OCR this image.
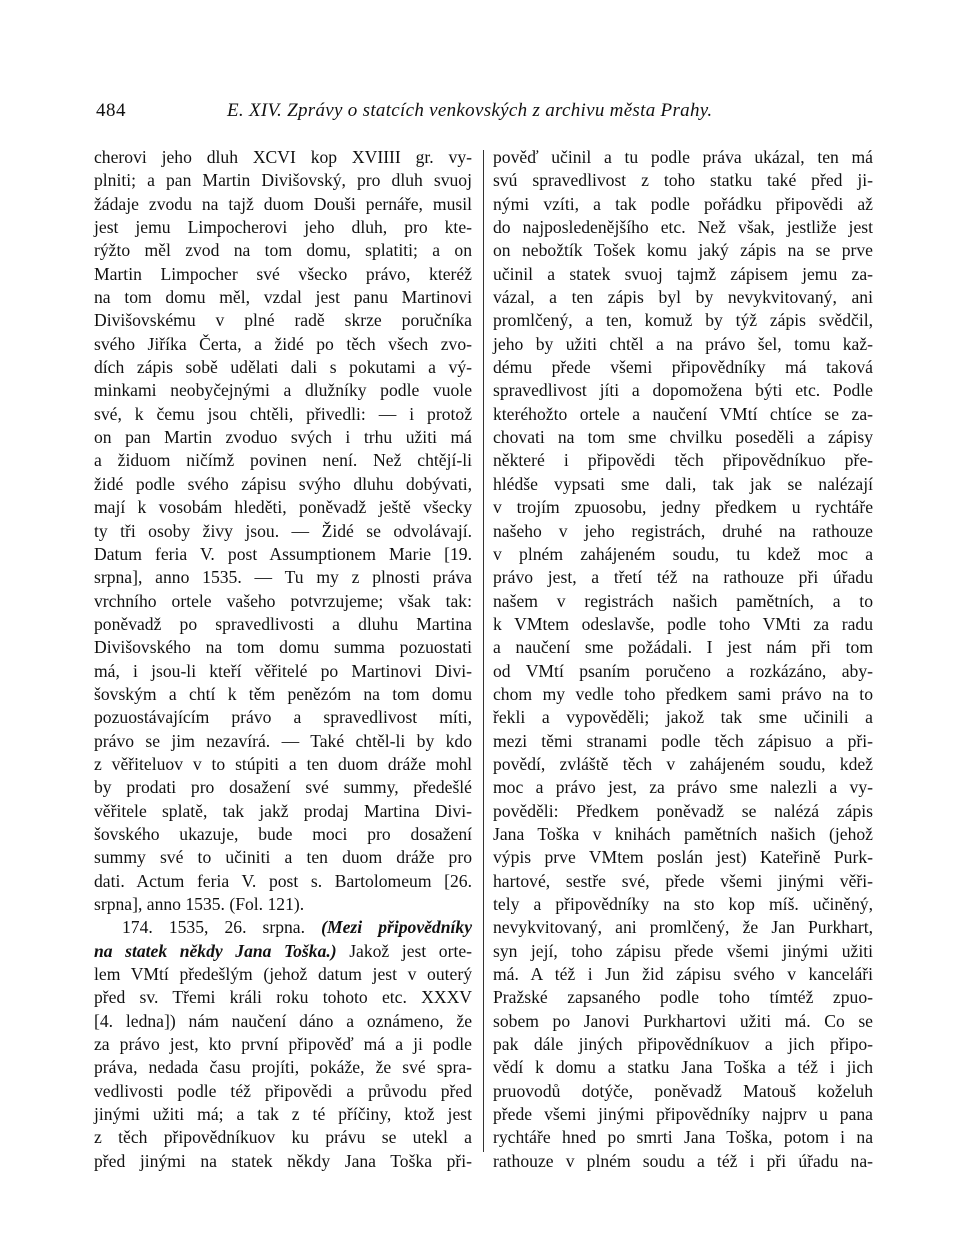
484	E. XIV. Zprávy o statcích venkovských z archivu města Prahy.
cherovi jeho dluh XCVI kop XVIIII gr. vy-
plniti; a pan Martin Divišovský, pro dluh svuoj
žádaje zvodu na tajž duom Douši pernáře, musil
jest jemu Limpocherovi jeho dluh, pro kte-
rýžto měl zvod na tom domu, splatiti; a on
Martin Limpocher své všecko právo, kteréž
na tom domu měl, vzdal jest panu Martinovi
Divišovskému v plné radě skrze poručníka
svého Jiříka Čerta, a židé po těch všech zvo-
dích zápis sobě udělati dali s pokutami a vý-
minkami neobyčejnými a dlužníky podle vuole
své, k čemu jsou chtěli, přivedli: — i protož
on pan Martin zvoduo svých i trhu užiti má
a židuom ničímž povinen není. Než chtějí-li
židé podle svého zápisu svýho dluhu dobývati,
mají k vosobám hleděti, poněvadž ještě všecky
ty tři osoby živy jsou. — Židé se odvolávají.
Datum feria V. post Assumptionem Marie [19.
srpna], anno 1535. — Tu my z plnosti práva
vrchního ortele vašeho potvrzujeme; však tak:
poněvadž po spravedlivosti a dluhu Martina
Divišovského na tom domu summa pozuostati
má, i jsou-li kteří věřitelé po Martinovi Divi-
šovským a chtí k těm penězóm na tom domu
pozuostávajícím právo a spravedlivost míti,
právo se jim nezavírá. — Také chtěl-li by kdo
z věřiteluov v to stúpiti a ten duom dráže mohl
by prodati pro dosažení své summy, předešlé
věřitele splatě, tak jakž prodaj Martina Divi-
šovského ukazuje, bude moci pro dosažení
summy své to učiniti a ten duom dráže pro
dati. Actum feria V. post s. Bartolomeum [26.
srpna], anno 1535. (Fol. 121).
174. 1535, 26. srpna. (Mezi připovědníky
na statek někdy Jana Toška.) Jakož jest orte-
lem VMtí předešlým (jehož datum jest v outerý
před sv. Třemi králi roku tohoto etc. XXXV
[4. ledna]) nám naučení dáno a oznámeno, že
za právo jest, kto první připověď má a ji podle
práva, nedada času projíti, pokáže, že své spra-
vedlivosti podle též připovědi a průvodu před
jinými užiti má; a tak z té příčiny, ktož jest
z těch připovědníkuov ku právu se utekl a
před jinými na statek někdy Jana Toška při-
pověď učinil a tu podle práva ukázal, ten má
svú spravedlivost z toho statku také před ji-
nými vzíti, a tak podle pořádku připovědi až
do najposledenějšího etc. Než však, jestliže jest
on nebožtík Tošek komu jaký zápis na se prve
učinil a statek svuoj tajmž zápisem jemu za-
vázal, a ten zápis byl by nevykvitovaný, ani
promlčený, a ten, komuž by týž zápis svědčil,
jeho by užiti chtěl a na právo šel, tomu kaž-
dému přede všemi připovědníky má taková
spravedlivost jíti a dopomožena býti etc. Podle
kteréhožto ortele a naučení VMtí chtíce se za-
chovati na tom sme chvilku poseděli a zápisy
některé i připovědi těch připovědníkuo pře-
hlédše vypsati sme dali, tak jak se nalézají
v trojím zpuosobu, jedny předkem u rychtáře
našeho v jeho registrách, druhé na rathouze
v plném zahájeném soudu, tu kdež moc a
právo jest, a třetí též na rathouze při úřadu
našem v registrách našich pamětních, a to
k VMtem odeslavše, podle toho VMti za radu
a naučení sme požádali. I jest nám při tom
od VMtí psaním poručeno a rozkázáno, aby-
chom my vedle toho předkem sami právo na to
řekli a vypověděli; jakož tak sme učinili a
mezi těmi stranami podle těch zápisuo a při-
povědí, zvláště těch v zahájeném soudu, kdež
moc a právo jest, za právo sme nalezli a vy-
pověděli: Předkem poněvadž se nalézá zápis
Jana Toška v knihách pamětních našich (jehož
výpis prve VMtem poslán jest) Kateřině Purk-
hartové, sestře své, přede všemi jinými věři-
tely a připovědníky na sto kop míš. učiněný,
nevykvitovaný, ani promlčený, že Jan Purkhart,
syn její, toho zápisu přede všemi jinými užiti
má. A též i Jun žid zápisu svého v kanceláři
Pražské zapsaného podle toho tímtéž zpuo-
sobem po Janovi Purkhartovi užiti má. Co se
pak dále jiných připovědníkuov a jich připo-
vědí k domu a statku Jana Toška a též i jich
pruovodů dotýče, poněvadž Matouš koželuh
přede všemi jinými připovědníky najprv u pana
rychtáře hned po smrti Jana Toška, potom i na
rathouze v plném soudu a též i při úřadu na-
